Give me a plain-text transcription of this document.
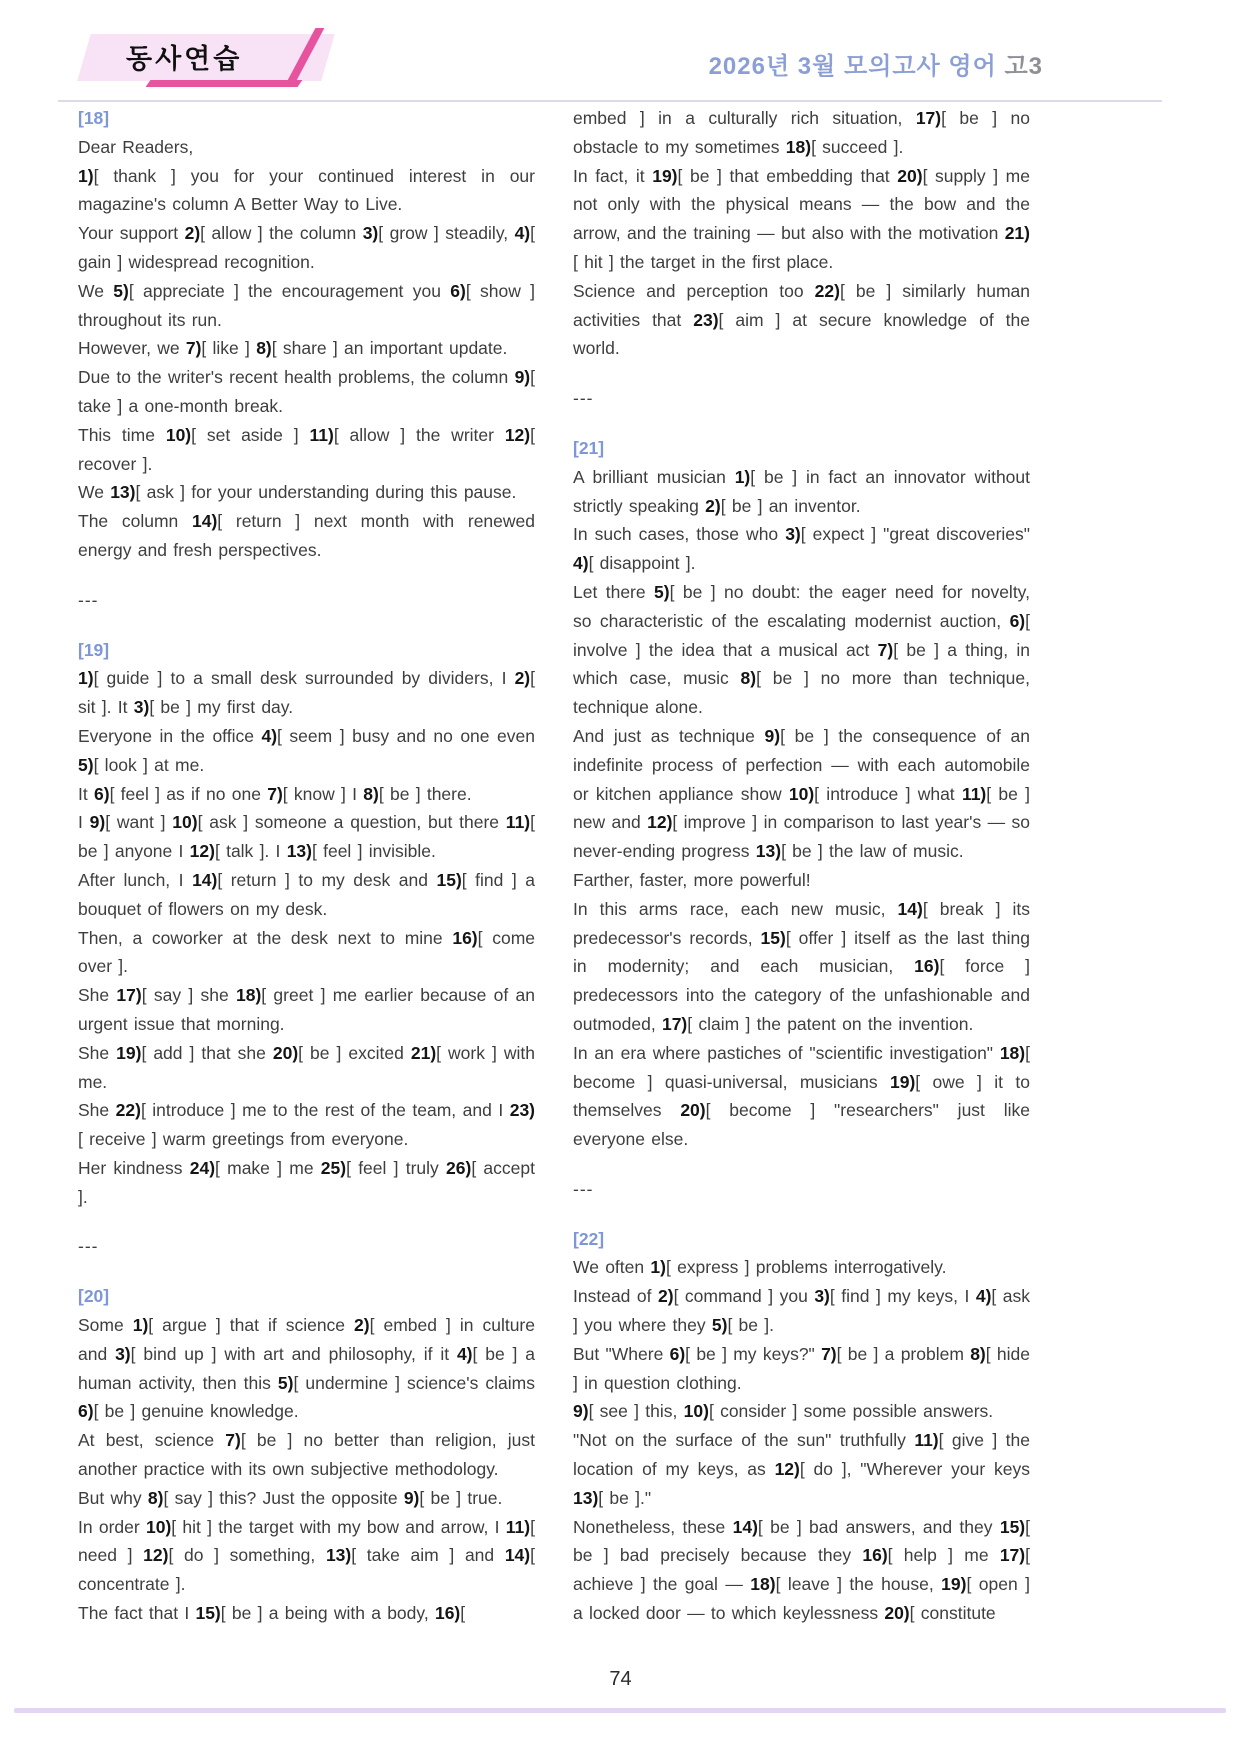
동사연습	2026년 3월 모의고사 영어 고3
[18]

Dear Readers,

1)[ thank ] you for your continued interest in our magazine's column A Better Way to Live.

Your support 2)[ allow ] the column 3)[ grow ] steadily, 4)[ gain ] widespread recognition.

We 5)[ appreciate ] the encouragement you 6)[ show ] throughout its run.

However, we 7)[ like ] 8)[ share ] an important update.

Due to the writer's recent health problems, the column 9)[ take ] a one-month break.

This time 10)[ set aside ] 11)[ allow ] the writer 12)[ recover ].

We 13)[ ask ] for your understanding during this pause.

The column 14)[ return ] next month with renewed energy and fresh perspectives.

---
[19]

1)[ guide ] to a small desk surrounded by dividers, I 2)[ sit ]. It 3)[ be ] my first day.

Everyone in the office 4)[ seem ] busy and no one even 5)[ look ] at me.

It 6)[ feel ] as if no one 7)[ know ] I 8)[ be ] there.

I 9)[ want ] 10)[ ask ] someone a question, but there 11)[ be ] anyone I 12)[ talk ]. I 13)[ feel ] invisible.

After lunch, I 14)[ return ] to my desk and 15)[ find ] a bouquet of flowers on my desk.

Then, a coworker at the desk next to mine 16)[ come over ].

She 17)[ say ] she 18)[ greet ] me earlier because of an urgent issue that morning.

She 19)[ add ] that she 20)[ be ] excited 21)[ work ] with me.

She 22)[ introduce ] me to the rest of the team, and I 23)[ receive ] warm greetings from everyone.

Her kindness 24)[ make ] me 25)[ feel ] truly 26)[ accept ].

---
[20]

Some 1)[ argue ] that if science 2)[ embed ] in culture and 3)[ bind up ] with art and philosophy, if it 4)[ be ] a human activity, then this 5)[ undermine ] science's claims 6)[ be ] genuine knowledge.

At best, science 7)[ be ] no better than religion, just another practice with its own subjective methodology.

But why 8)[ say ] this? Just the opposite 9)[ be ] true.

In order 10)[ hit ] the target with my bow and arrow, I 11)[ need ] 12)[ do ] something, 13)[ take aim ] and 14)[ concentrate ].

The fact that I 15)[ be ] a being with a body, 16)[

embed ] in a culturally rich situation, 17)[ be ] no obstacle to my sometimes 18)[ succeed ].

In fact, it 19)[ be ] that embedding that 20)[ supply ] me not only with the physical means — the bow and the arrow, and the training — but also with the motivation 21)[ hit ] the target in the first place.

Science and perception too 22)[ be ] similarly human activities that 23)[ aim ] at secure knowledge of the world.

---
[21]

A brilliant musician 1)[ be ] in fact an innovator without strictly speaking 2)[ be ] an inventor.

In such cases, those who 3)[ expect ] "great discoveries" 4)[ disappoint ].

Let there 5)[ be ] no doubt: the eager need for novelty, so characteristic of the escalating modernist auction, 6)[ involve ] the idea that a musical act 7)[ be ] a thing, in which case, music 8)[ be ] no more than technique, technique alone.

And just as technique 9)[ be ] the consequence of an indefinite process of perfection — with each automobile or kitchen appliance show 10)[ introduce ] what 11)[ be ] new and 12)[ improve ] in comparison to last year's — so never-ending progress 13)[ be ] the law of music.

Farther, faster, more powerful!

In this arms race, each new music, 14)[ break ] its predecessor's records, 15)[ offer ] itself as the last thing in modernity; and each musician, 16)[ force ] predecessors into the category of the unfashionable and outmoded, 17)[ claim ] the patent on the invention.

In an era where pastiches of "scientific investigation" 18)[ become ] quasi-universal, musicians 19)[ owe ] it to themselves 20)[ become ] "researchers" just like everyone else.

---
[22]

We often 1)[ express ] problems interrogatively.

Instead of 2)[ command ] you 3)[ find ] my keys, I 4)[ ask ] you where they 5)[ be ].

But "Where 6)[ be ] my keys?" 7)[ be ] a problem 8)[ hide ] in question clothing.

9)[ see ] this, 10)[ consider ] some possible answers.

"Not on the surface of the sun" truthfully 11)[ give ] the location of my keys, as 12)[ do ], "Wherever your keys 13)[ be ]."

Nonetheless, these 14)[ be ] bad answers, and they 15)[ be ] bad precisely because they 16)[ help ] me 17)[ achieve ] the goal — 18)[ leave ] the house, 19)[ open ] a locked door — to which keylessness 20)[ constitute

74
